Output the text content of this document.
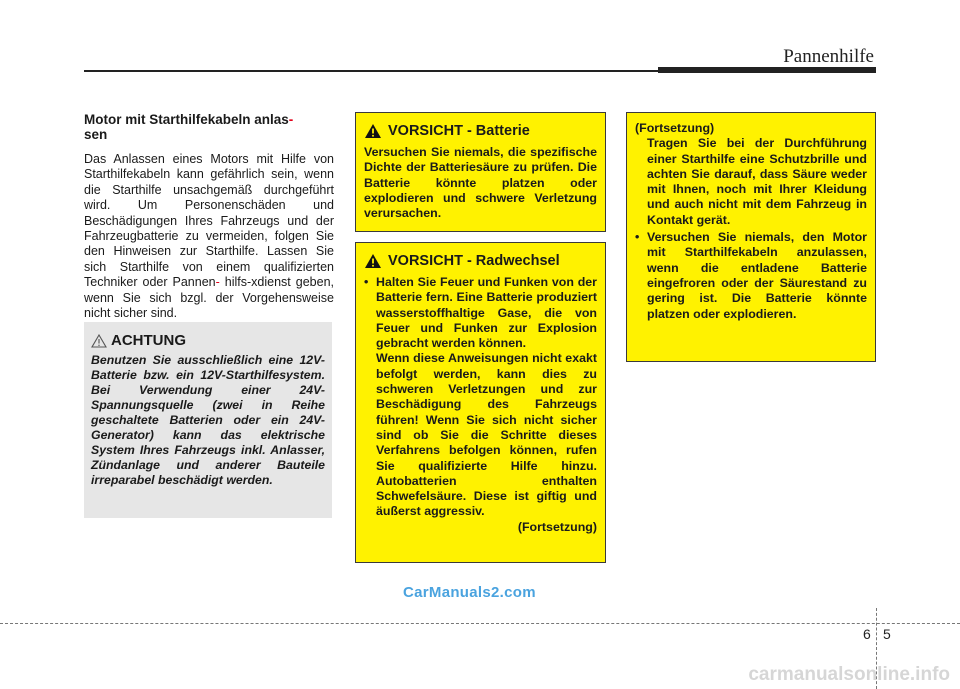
Pannenhilfe
Motor mit Starthilfekabeln anlas-
sen

Das Anlassen eines Motors mit Hilfe von Starthilfekabeln kann gefährlich sein, wenn die Starthilfe unsachgemäß durchgeführt wird. Um Personenschäden und Beschädigungen Ihres Fahrzeugs und der Fahrzeugbatterie zu vermeiden, folgen Sie den Hinweisen zur Starthilfe. Lassen Sie sich Starthilfe von einem qualifizierten Techniker oder Pannen- hilfs-xdienst geben, wenn Sie sich bzgl. der Vorgehensweise nicht sicher sind.

ACHTUNG

Benutzen Sie ausschließlich eine 12V-Batterie bzw. ein 12V-Starthilfesystem. Bei Verwendung einer 24V-Spannungsquelle (zwei in Reihe geschaltete Batterien oder ein 24V-Generator) kann das elektrische System Ihres Fahrzeugs inkl. Anlasser, Zündanlage und anderer Bauteile irreparabel beschädigt werden.

VORSICHT - Batterie

Versuchen Sie niemals, die spezifische Dichte der Batteriesäure zu prüfen. Die Batterie könnte platzen oder explodieren und schwere Verletzung verursachen.

VORSICHT - Radwechsel
• Halten Sie Feuer und Funken von der Batterie fern. Eine Batterie produziert wasserstoffhaltige Gase, die von Feuer und Funken zur Explosion gebracht werden können.

Wenn diese Anweisungen nicht exakt befolgt werden, kann dies zu schweren Verletzungen und zur Beschädigung des Fahrzeugs führen! Wenn Sie sich nicht sicher sind ob Sie die Schritte dieses Verfahrens befolgen können, rufen Sie qualifizierte Hilfe hinzu. Autobatterien enthalten Schwefelsäure. Diese ist giftig und äußerst aggressiv.

(Fortsetzung)

(Fortsetzung)

Tragen Sie bei der Durchführung einer Starthilfe eine Schutzbrille und achten Sie darauf, dass Säure weder mit Ihnen, noch mit Ihrer Kleidung und auch nicht mit dem Fahrzeug in Kontakt gerät.

• Versuchen Sie niemals, den Motor mit Starthilfekabeln anzulassen, wenn die entladene Batterie eingefroren oder der Säurestand zu gering ist. Die Batterie könnte platzen oder explodieren.

CarManuals2.com
6 5
carmanualsonline.info
